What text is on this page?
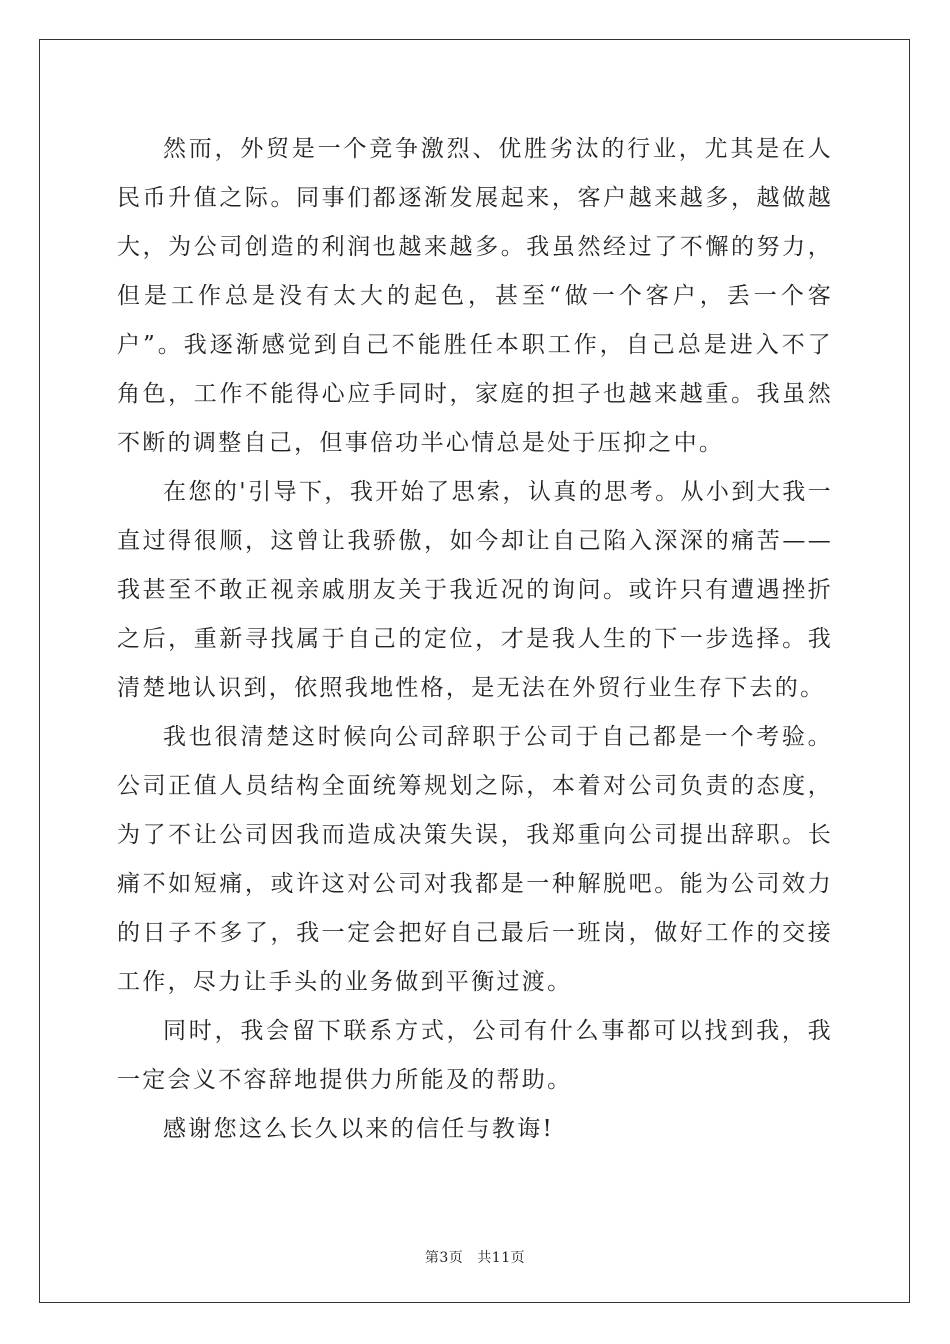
然而，外贸是一个竞争激烈、优胜劣汰的行业，尤其是在人民币升值之际。同事们都逐渐发展起来，客户越来越多，越做越大，为公司创造的利润也越来越多。我虽然经过了不懈的努力，但是工作总是没有太大的起色，甚至“做一个客户，丢一个客户”。我逐渐感觉到自己不能胜任本职工作，自己总是进入不了角色，工作不能得心应手同时，家庭的担子也越来越重。我虽然不断的调整自己，但事倍功半心情总是处于压抑之中。

在您的'引导下，我开始了思索，认真的思考。从小到大我一直过得很顺，这曾让我骄傲，如今却让自己陷入深深的痛苦——我甚至不敢正视亲戚朋友关于我近况的询问。或许只有遭遇挫折之后，重新寻找属于自己的定位，才是我人生的下一步选择。我清楚地认识到，依照我地性格，是无法在外贸行业生存下去的。

我也很清楚这时候向公司辞职于公司于自己都是一个考验。公司正值人员结构全面统筹规划之际，本着对公司负责的态度，为了不让公司因我而造成决策失误，我郑重向公司提出辞职。长痛不如短痛，或许这对公司对我都是一种解脱吧。能为公司效力的日子不多了，我一定会把好自己最后一班岗，做好工作的交接工作，尽力让手头的业务做到平衡过渡。

同时，我会留下联系方式，公司有什么事都可以找到我，我一定会义不容辞地提供力所能及的帮助。

感谢您这么长久以来的信任与教诲!

第3页 共11页
